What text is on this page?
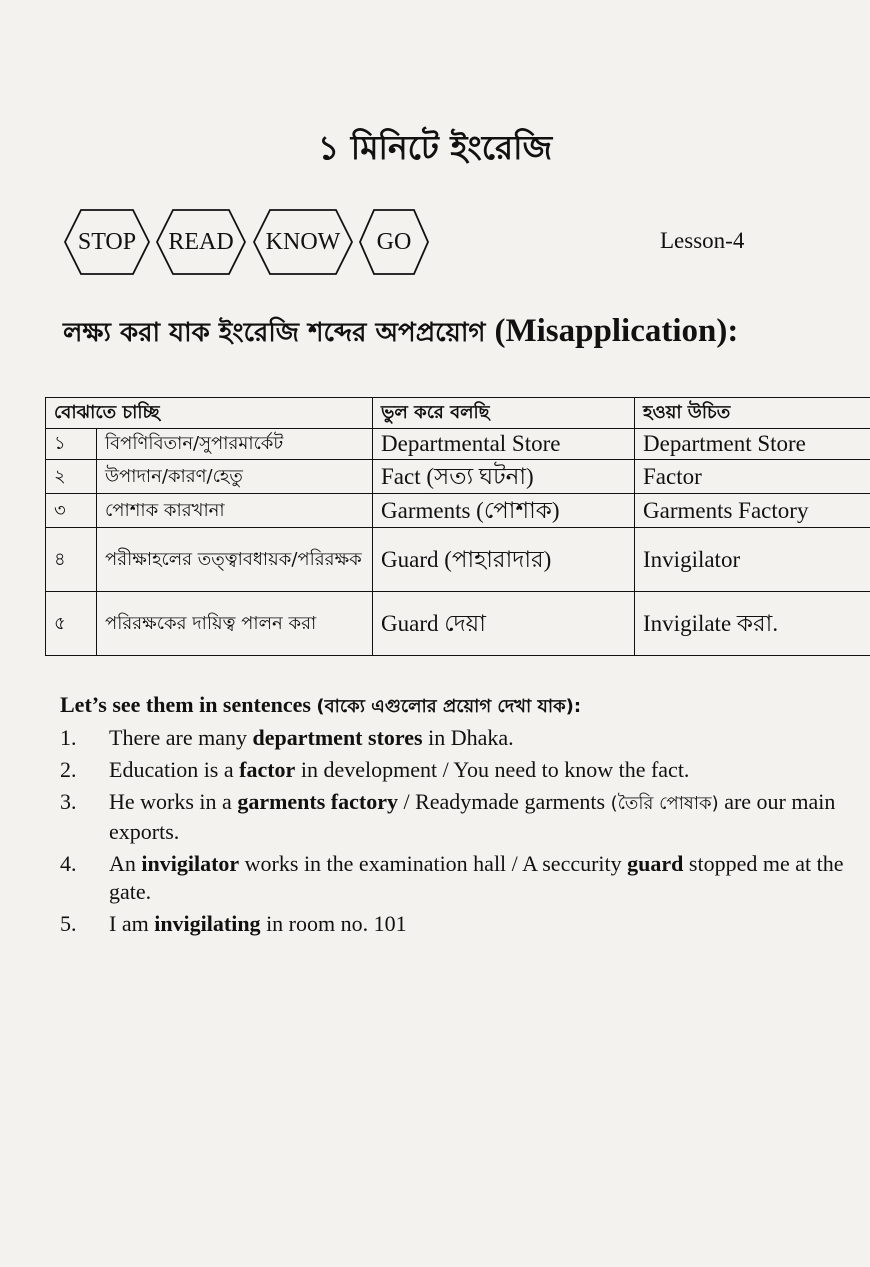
১ মিনিটে ইংরেজি
STOP	READ	KNOW	GO	Lesson-4
লক্ষ্য করা যাক ইংরেজি শব্দের অপপ্রয়োগ (Misapplication):
বোঝাতে চাচ্ছি		ভুল করে বলছি	হওয়া উচিত
১	বিপণিবিতান/সুপারমার্কেট	Departmental Store	Department Store
২	উপাদান/কারণ/হেতু	Fact (সত্য ঘটনা)	Factor
৩	পোশাক কারখানা	Garments (পোশাক)	Garments Factory
৪	পরীক্ষাহলের তত্ত্বাবধায়ক/পরিরক্ষক	Guard (পাহারাদার)	Invigilator
৫	পরিরক্ষকের দায়িত্ব পালন করা	Guard দেয়া	Invigilate করা.
Let’s see them in sentences (বাক্যে এগুলোর প্রয়োগ দেখা যাক):
1. There are many department stores in Dhaka.
2. Education is a factor in development / You need to know the fact.
3. He works in a garments factory / Readymade garments (তৈরি পোষাক) are our main exports.
4. An invigilator works in the examination hall / A seccurity guard stopped me at the gate.
5. I am invigilating in room no. 101
